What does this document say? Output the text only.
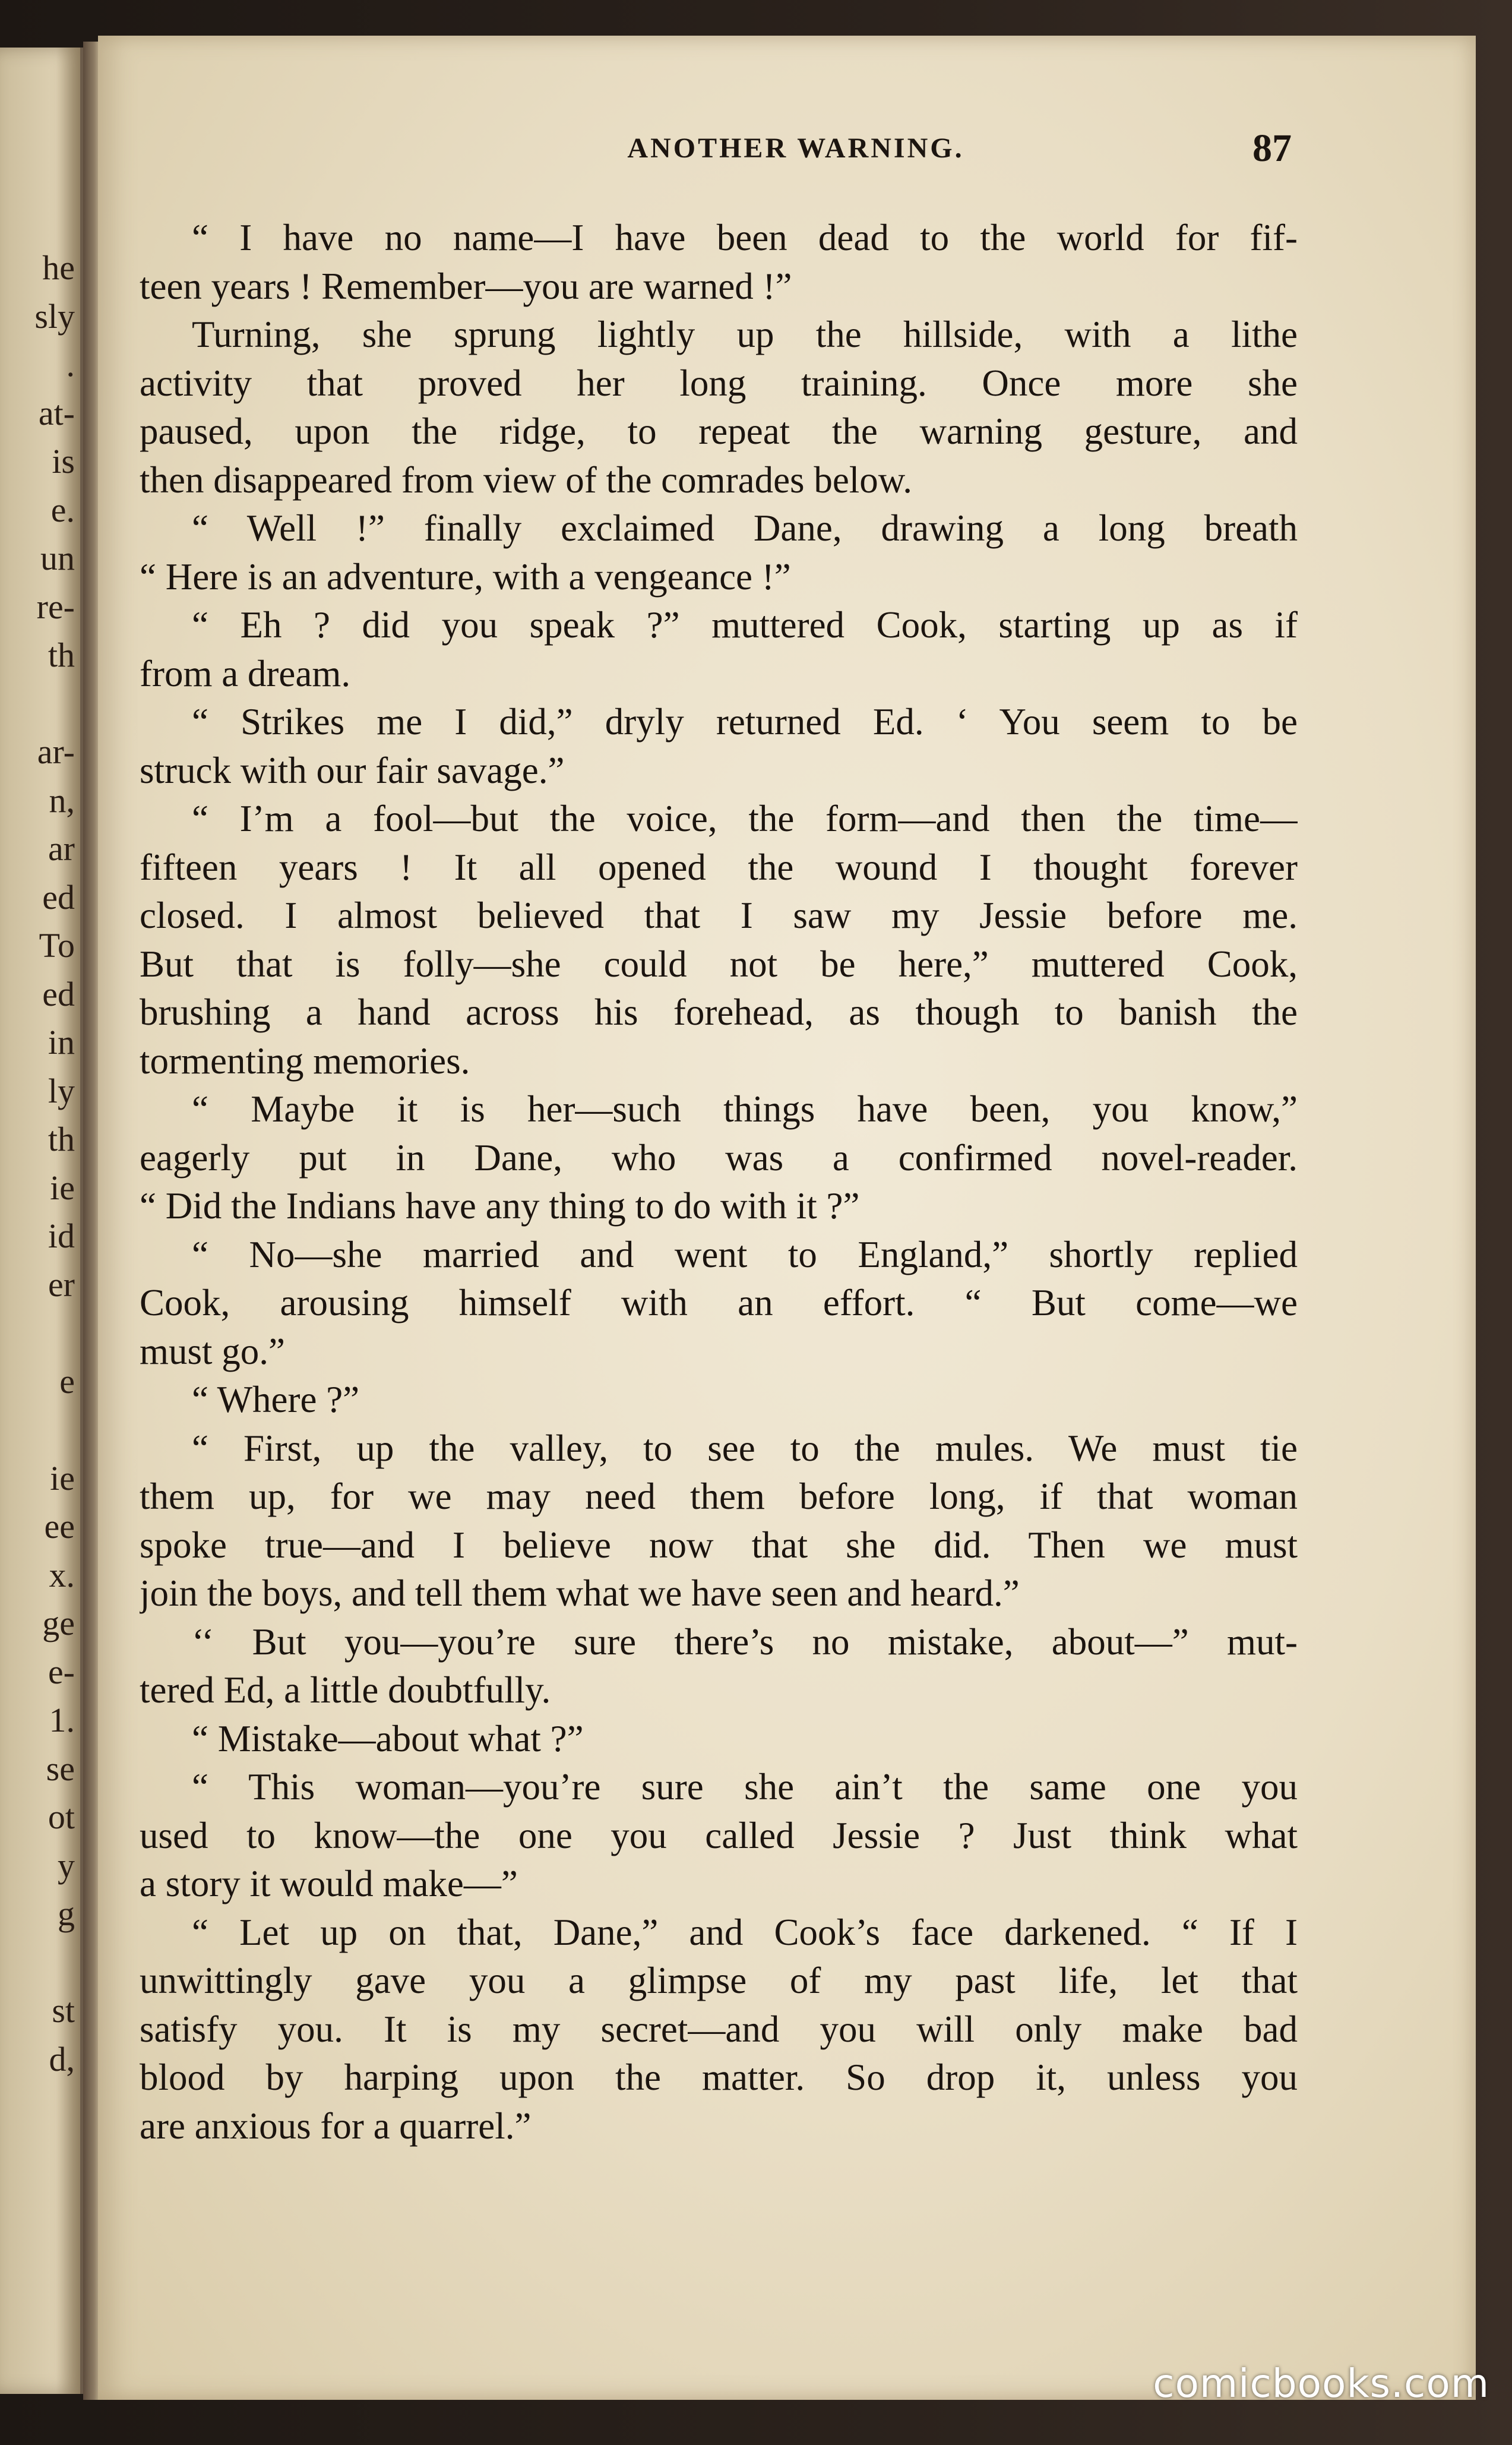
he
sly
.
at-
is
e.
un
re-
th
ar-
n,
ar
ed
To
ed
in
ly
th
ie
id
er
e
ie
ee
x.
ge
e-
1.
se
ot
y
g
st
d,
ANOTHER WARNING.	87
“ I have no name—I have been dead to the world for fif-
teen years ! Remember—you are warned !”
Turning, she sprung lightly up the hillside, with a lithe
activity that proved her long training. Once more she
paused, upon the ridge, to repeat the warning gesture, and
then disappeared from view of the comrades below.
“ Well !” finally exclaimed Dane, drawing a long breath
“ Here is an adventure, with a vengeance !”
“ Eh ? did you speak ?” muttered Cook, starting up as if
from a dream.
“ Strikes me I did,” dryly returned Ed. ‘ You seem to be
struck with our fair savage.”
“ I’m a fool—but the voice, the form—and then the time—
fifteen years ! It all opened the wound I thought forever
closed. I almost believed that I saw my Jessie before me.
But that is folly—she could not be here,” muttered Cook,
brushing a hand across his forehead, as though to banish the
tormenting memories.
“ Maybe it is her—such things have been, you know,”
eagerly put in Dane, who was a confirmed novel-reader.
“ Did the Indians have any thing to do with it ?”
“ No—she married and went to England,” shortly replied
Cook, arousing himself with an effort. “ But come—we
must go.”
“ Where ?”
“ First, up the valley, to see to the mules. We must tie
them up, for we may need them before long, if that woman
spoke true—and I believe now that she did. Then we must
join the boys, and tell them what we have seen and heard.”
‘‘ But you—you’re sure there’s no mistake, about—” mut-
tered Ed, a little doubtfully.
“ Mistake—about what ?”
“ This woman—you’re sure she ain’t the same one you
used to know—the one you called Jessie ? Just think what
a story it would make—”
“ Let up on that, Dane,” and Cook’s face darkened. “ If I
unwittingly gave you a glimpse of my past life, let that
satisfy you. It is my secret—and you will only make bad
blood by harping upon the matter. So drop it, unless you
are anxious for a quarrel.”
comicbooks.com
